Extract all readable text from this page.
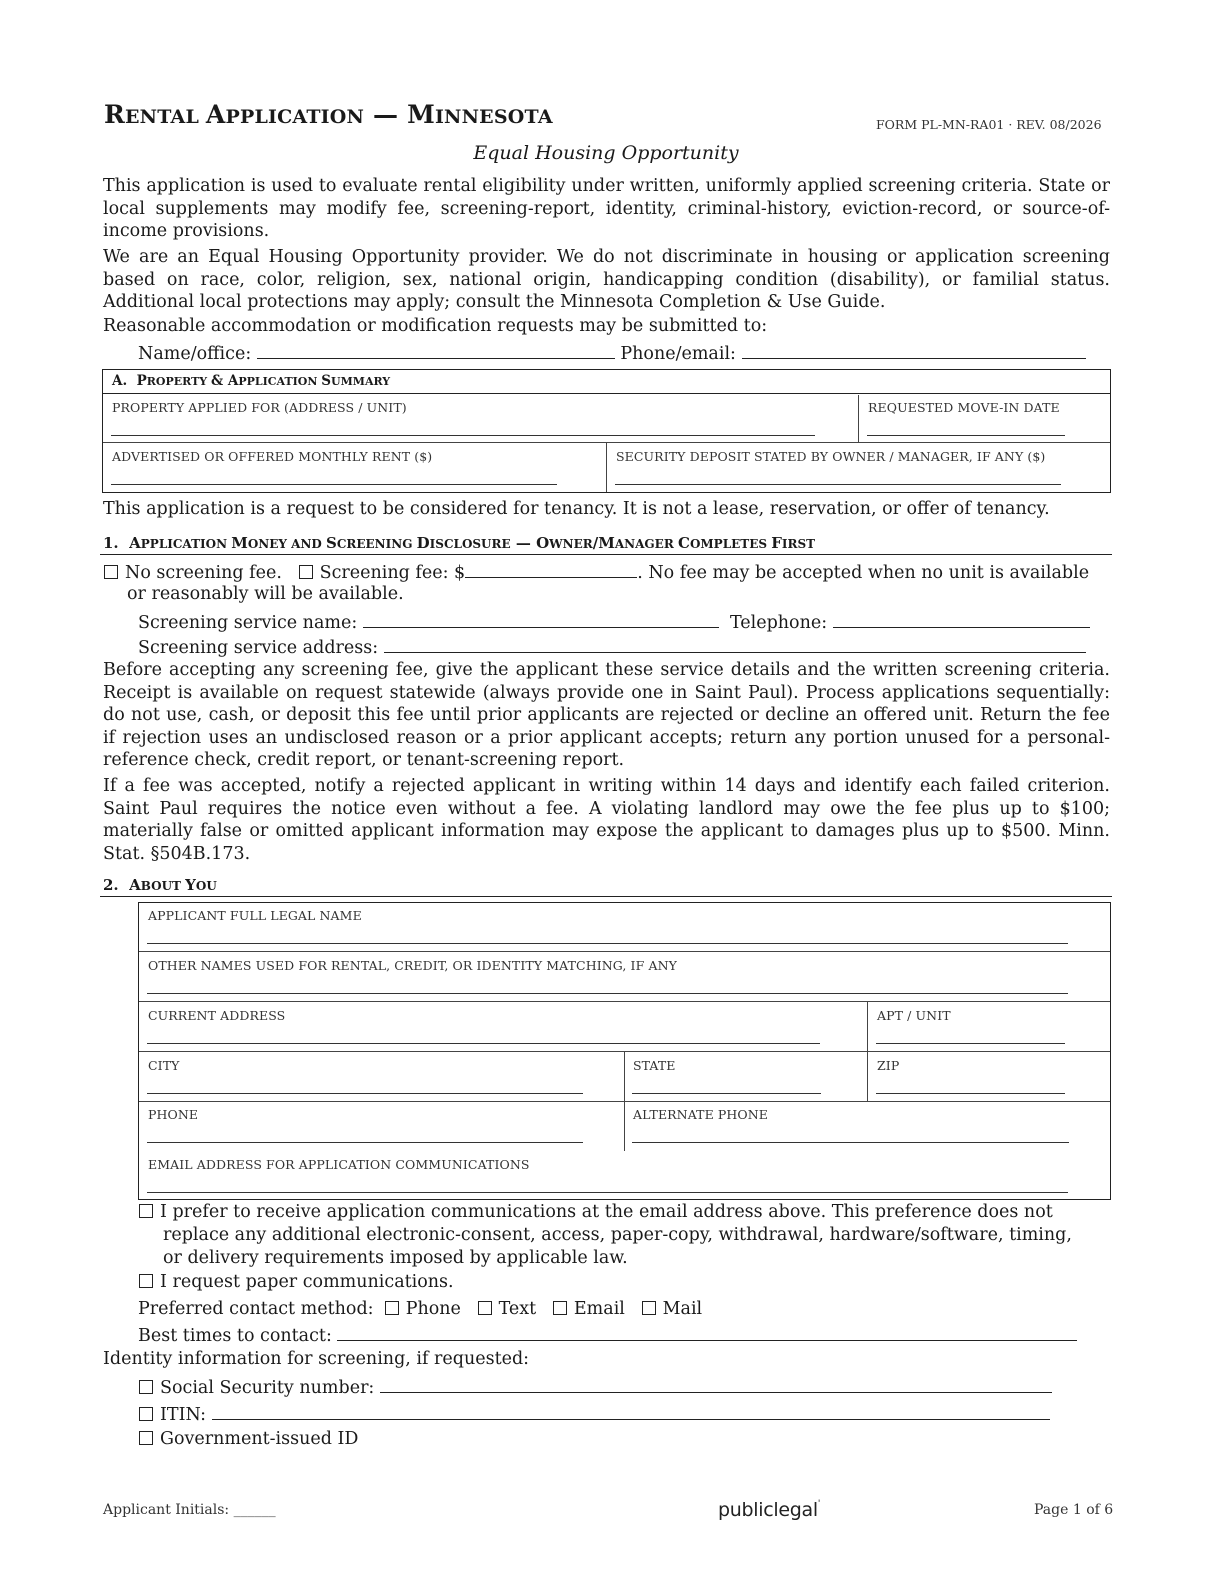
RENTAL APPLICATION — MINNESOTA	FORM PL-MN-RA01 · REV. 08/2026
Equal Housing Opportunity
This application is used to evaluate rental eligibility under written, uniformly applied screening criteria. State or local supplements may modify fee, screening-report, identity, criminal-history, eviction-record, or source-of-income provisions.
We are an Equal Housing Opportunity provider. We do not discriminate in housing or application screening based on race, color, religion, sex, national origin, handicapping condition (disability), or familial status. Additional local protections may apply; consult the Minnesota Completion & Use Guide.
Reasonable accommodation or modification requests may be submitted to:
Name/office:	Phone/email:
A. PROPERTY & APPLICATION SUMMARY
PROPERTY APPLIED FOR (ADDRESS / UNIT)	REQUESTED MOVE-IN DATE
ADVERTISED OR OFFERED MONTHLY RENT ($)	SECURITY DEPOSIT STATED BY OWNER / MANAGER, IF ANY ($)
This application is a request to be considered for tenancy. It is not a lease, reservation, or offer of tenancy.
1. APPLICATION MONEY AND SCREENING DISCLOSURE — OWNER/MANAGER COMPLETES FIRST
No screening fee. Screening fee: $	. No fee may be accepted when no unit is available
or reasonably will be available.
Screening service name:	Telephone:
Screening service address:
Before accepting any screening fee, give the applicant these service details and the written screening criteria. Receipt is available on request statewide (always provide one in Saint Paul). Process applications sequentially: do not use, cash, or deposit this fee until prior applicants are rejected or decline an offered unit. Return the fee if rejection uses an undisclosed reason or a prior applicant accepts; return any portion unused for a personal-reference check, credit report, or tenant-screening report.
If a fee was accepted, notify a rejected applicant in writing within 14 days and identify each failed criterion. Saint Paul requires the notice even without a fee. A violating landlord may owe the fee plus up to $100; materially false or omitted applicant information may expose the applicant to damages plus up to $500. Minn. Stat. §504B.173.
2. ABOUT YOU
APPLICANT FULL LEGAL NAME
OTHER NAMES USED FOR RENTAL, CREDIT, OR IDENTITY MATCHING, IF ANY
CURRENT ADDRESS	APT / UNIT
CITY	STATE	ZIP
PHONE	ALTERNATE PHONE
EMAIL ADDRESS FOR APPLICATION COMMUNICATIONS
I prefer to receive application communications at the email address above. This preference does not
replace any additional electronic-consent, access, paper-copy, withdrawal, hardware/software, timing,
or delivery requirements imposed by applicable law.
I request paper communications.
Preferred contact method: Phone Text Email Mail
Best times to contact:
Identity information for screening, if requested:
Social Security number:
ITIN:
Government-issued ID
Applicant Initials: ______	publiclegal'	Page 1 of 6
